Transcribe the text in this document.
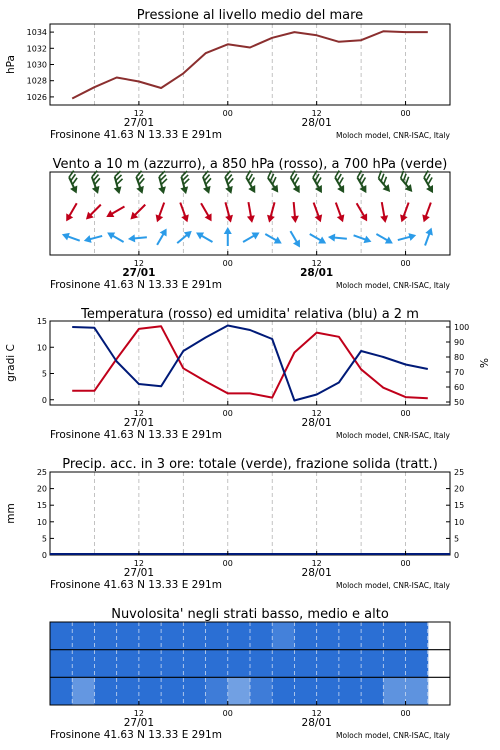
Pressione al livello medio del mare
1026
1028
1030
1032
1034
hPa
12	00	12	00
27/01	28/01
Frosinone 41.63 N 13.33 E 291m	Moloch model, CNR-ISAC, Italy
Vento a 10 m (azzurro), a 850 hPa (rosso), a 700 hPa (verde)
12	00	12	00
27/01	28/01
Frosinone 41.63 N 13.33 E 291m	Moloch model, CNR-ISAC, Italy
Temperatura (rosso) ed umidita' relativa (blu) a 2 m
0
5
10
15
50
60
70
80
90
100
gradi C	%
12	00	12	00
27/01	28/01
Frosinone 41.63 N 13.33 E 291m	Moloch model, CNR-ISAC, Italy
Precip. acc. in 3 ore: totale (verde), frazione solida (tratt.)
0
5
10
15
20
25
0
5
10
15
20
25
mm
12	00	12	00
27/01	28/01
Frosinone 41.63 N 13.33 E 291m	Moloch model, CNR-ISAC, Italy
Nuvolosita' negli strati basso, medio e alto
12	00	12	00
27/01	28/01
Frosinone 41.63 N 13.33 E 291m	Moloch model, CNR-ISAC, Italy
